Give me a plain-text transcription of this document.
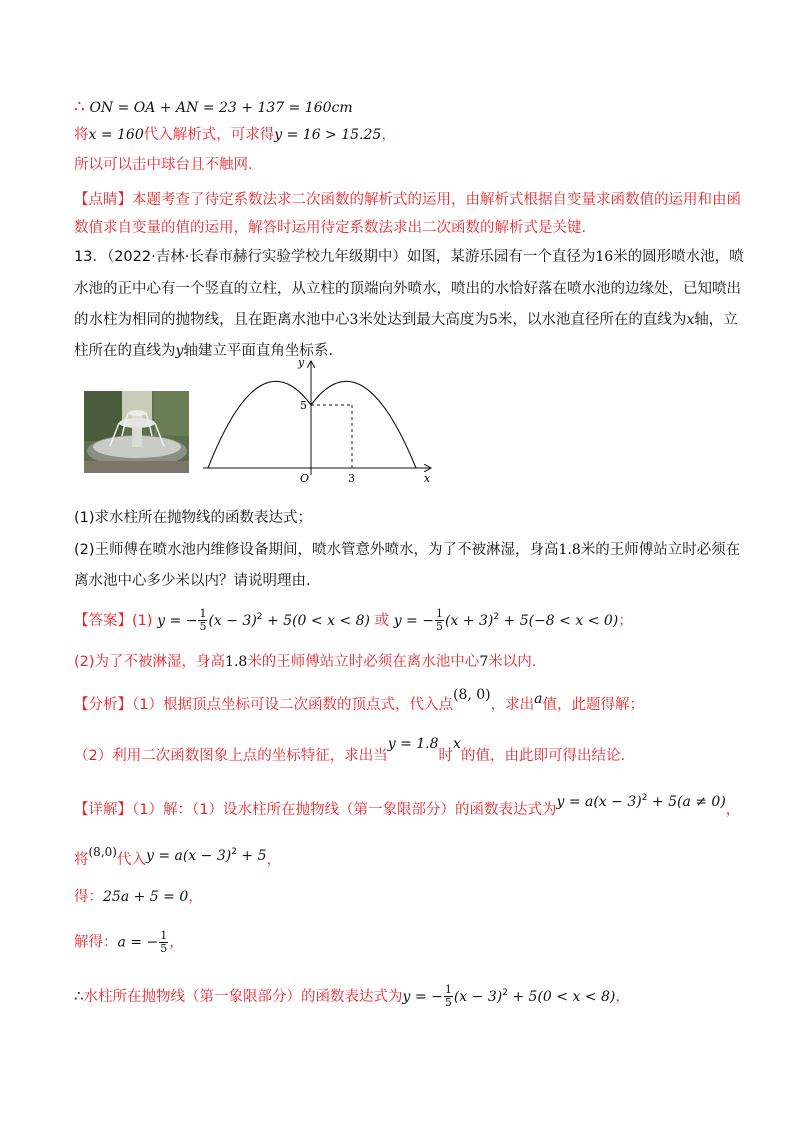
∴ ON = OA + AN = 23 + 137 = 160cm
将x = 160代入解析式，可求得y = 16 > 15.25，
所以可以击中球台且不触网.
【点睛】本题考查了待定系数法求二次函数的解析式的运用，由解析式根据自变量求函数值的运用和由函
数值求自变量的值的运用，解答时运用待定系数法求出二次函数的解析式是关键.
13．（2022·吉林·长春市赫行实验学校九年级期中）如图，某游乐园有一个直径为16米的圆形喷水池，喷
水池的正中心有一个竖直的立柱，从立柱的顶端向外喷水，喷出的水恰好落在喷水池的边缘处，已知喷出
的水柱为相同的抛物线，且在距离水池中心3米处达到最大高度为5米，以水池直径所在的直线为x轴，立
柱所在的直线为y轴建立平面直角坐标系.
y
x
O
5
3
(1)求水柱所在抛物线的函数表达式；
(2)王师傅在喷水池内维修设备期间，喷水管意外喷水，为了不被淋湿，身高1.8米的王师傅站立时必须在
离水池中心多少米以内？请说明理由.
【答案】(1) y = − $\frac{1}{5} (x - 3)^2 + 5(0 < x < 8)$ 或 y = − $\frac{1}{5} (x + 3)^2 + 5(-8 < x < 0)$；
(2)为了不被淋湿，身高1.8米的王师傅站立时必须在离水池中心7米以内.
【分析】（1）根据顶点坐标可设二次函数的顶点式，代入点(8, 0)，求出a值，此题得解；
（2）利用二次函数图象上点的坐标特征，求出当y = 1.8时x的值，由此即可得出结论.
【详解】（1）解：（1）设水柱所在抛物线（第一象限部分）的函数表达式为$y = a(x - 3)^2 + 5(a \ne 0)$，
将$^{(8,0)}$代入$y = a(x - 3)^2 + 5$，
得：25a + 5 = 0，
解得：a = − $\frac{1}{5}$ ，
∴水柱所在抛物线（第一象限部分）的函数表达式为y = − $\frac{1}{5} (x - 3)^2 + 5(0 < x < 8)$，
